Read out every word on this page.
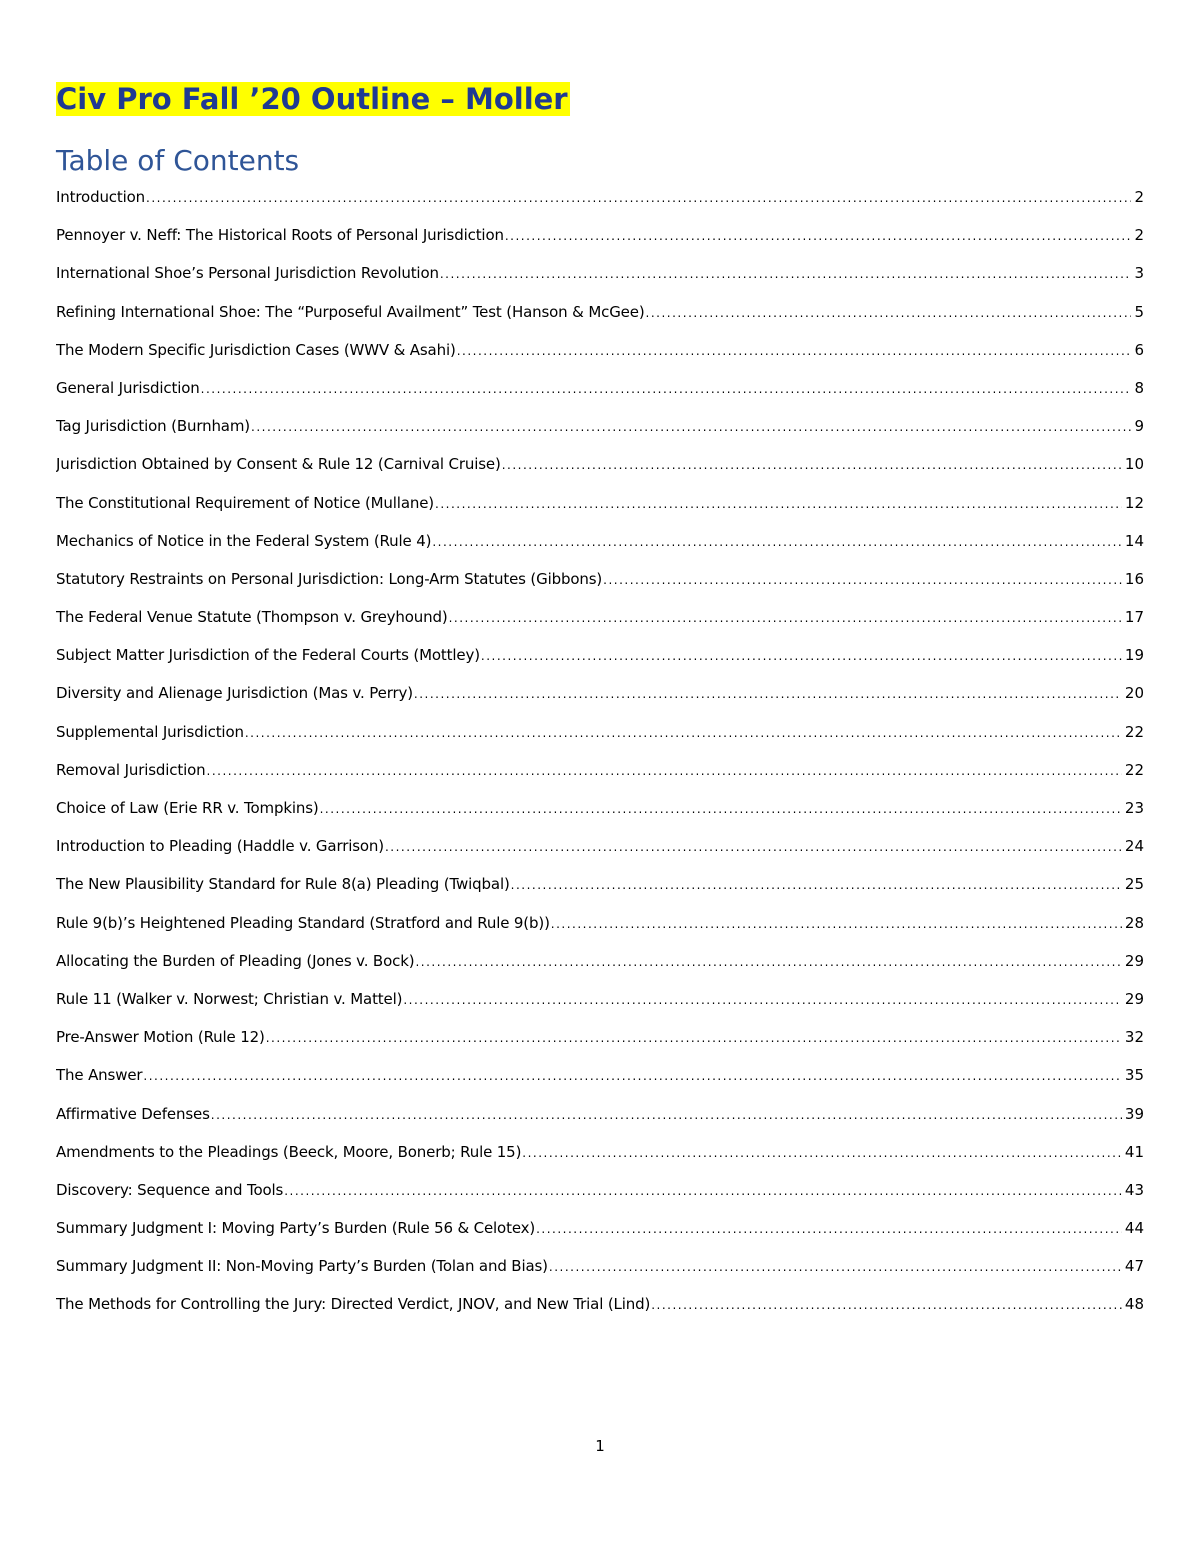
Civ Pro Fall ’20 Outline – Moller
Table of Contents
Introduction .....	2
Pennoyer v. Neff: The Historical Roots of Personal Jurisdiction .....	2
International Shoe’s Personal Jurisdiction Revolution .....	3
Refining International Shoe: The “Purposeful Availment” Test (Hanson & McGee) .....	5
The Modern Specific Jurisdiction Cases (WWV & Asahi) .....	6
General Jurisdiction .....	8
Tag Jurisdiction (Burnham) .....	9
Jurisdiction Obtained by Consent & Rule 12 (Carnival Cruise) .....	10
The Constitutional Requirement of Notice (Mullane) .....	12
Mechanics of Notice in the Federal System (Rule 4) .....	14
Statutory Restraints on Personal Jurisdiction: Long-Arm Statutes (Gibbons) .....	16
The Federal Venue Statute (Thompson v. Greyhound) .....	17
Subject Matter Jurisdiction of the Federal Courts (Mottley) .....	19
Diversity and Alienage Jurisdiction (Mas v. Perry) .....	20
Supplemental Jurisdiction .....	22
Removal Jurisdiction .....	22
Choice of Law (Erie RR v. Tompkins) .....	23
Introduction to Pleading (Haddle v. Garrison) .....	24
The New Plausibility Standard for Rule 8(a) Pleading (Twiqbal) .....	25
Rule 9(b)’s Heightened Pleading Standard (Stratford and Rule 9(b)) .....	28
Allocating the Burden of Pleading (Jones v. Bock) .....	29
Rule 11 (Walker v. Norwest; Christian v. Mattel) .....	29
Pre-Answer Motion (Rule 12) .....	32
The Answer .....	35
Affirmative Defenses .....	39
Amendments to the Pleadings (Beeck, Moore, Bonerb; Rule 15) .....	41
Discovery: Sequence and Tools .....	43
Summary Judgment I: Moving Party’s Burden (Rule 56 & Celotex) .....	44
Summary Judgment II: Non-Moving Party’s Burden (Tolan and Bias) .....	47
The Methods for Controlling the Jury: Directed Verdict, JNOV, and New Trial (Lind) .....	48
1
